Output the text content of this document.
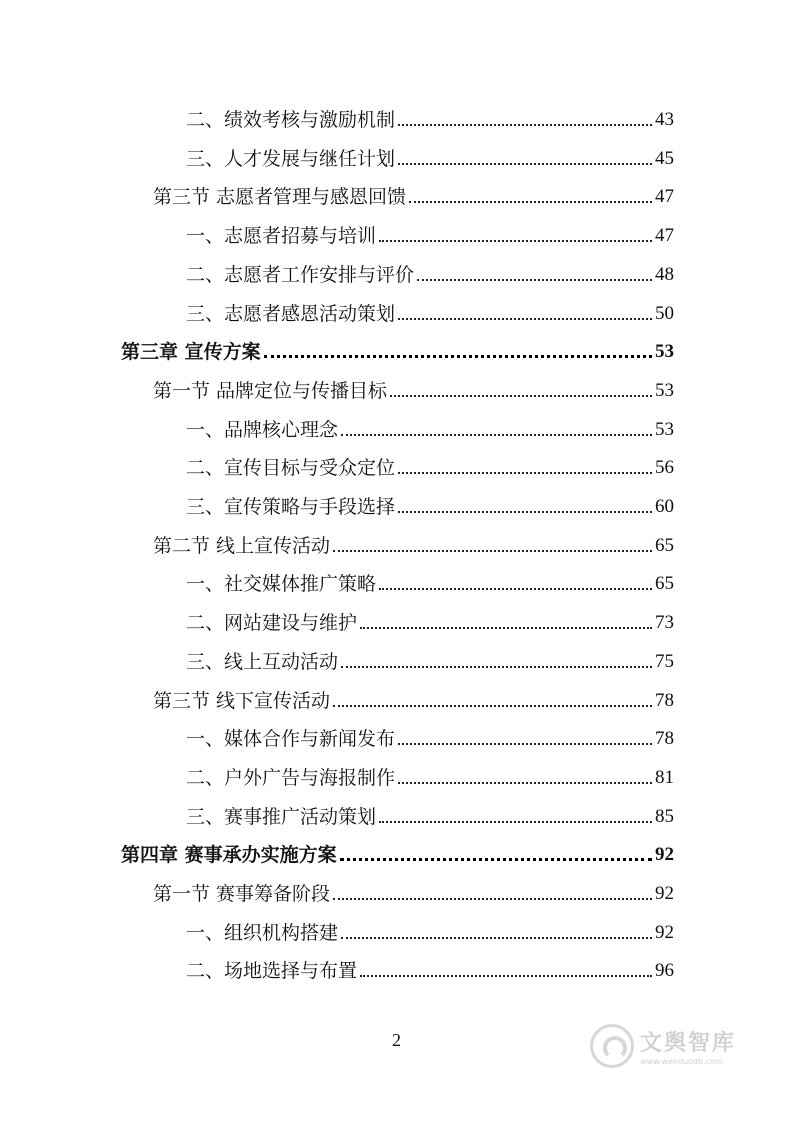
二、绩效考核与激励机制	43
三、人才发展与继任计划	45
第三节 志愿者管理与感恩回馈	47
一、志愿者招募与培训	47
二、志愿者工作安排与评价	48
三、志愿者感恩活动策划	50
第三章 宣传方案	53
第一节 品牌定位与传播目标	53
一、品牌核心理念	53
二、宣传目标与受众定位	56
三、宣传策略与手段选择	60
第二节 线上宣传活动	65
一、社交媒体推广策略	65
二、网站建设与维护	73
三、线上互动活动	75
第三节 线下宣传活动	78
一、媒体合作与新闻发布	78
二、户外广告与海报制作	81
三、赛事推广活动策划	85
第四章 赛事承办实施方案	92
第一节 赛事筹备阶段	92
一、组织机构搭建	92
二、场地选择与布置	96
2	文舆智库
www.wenduodb.com
